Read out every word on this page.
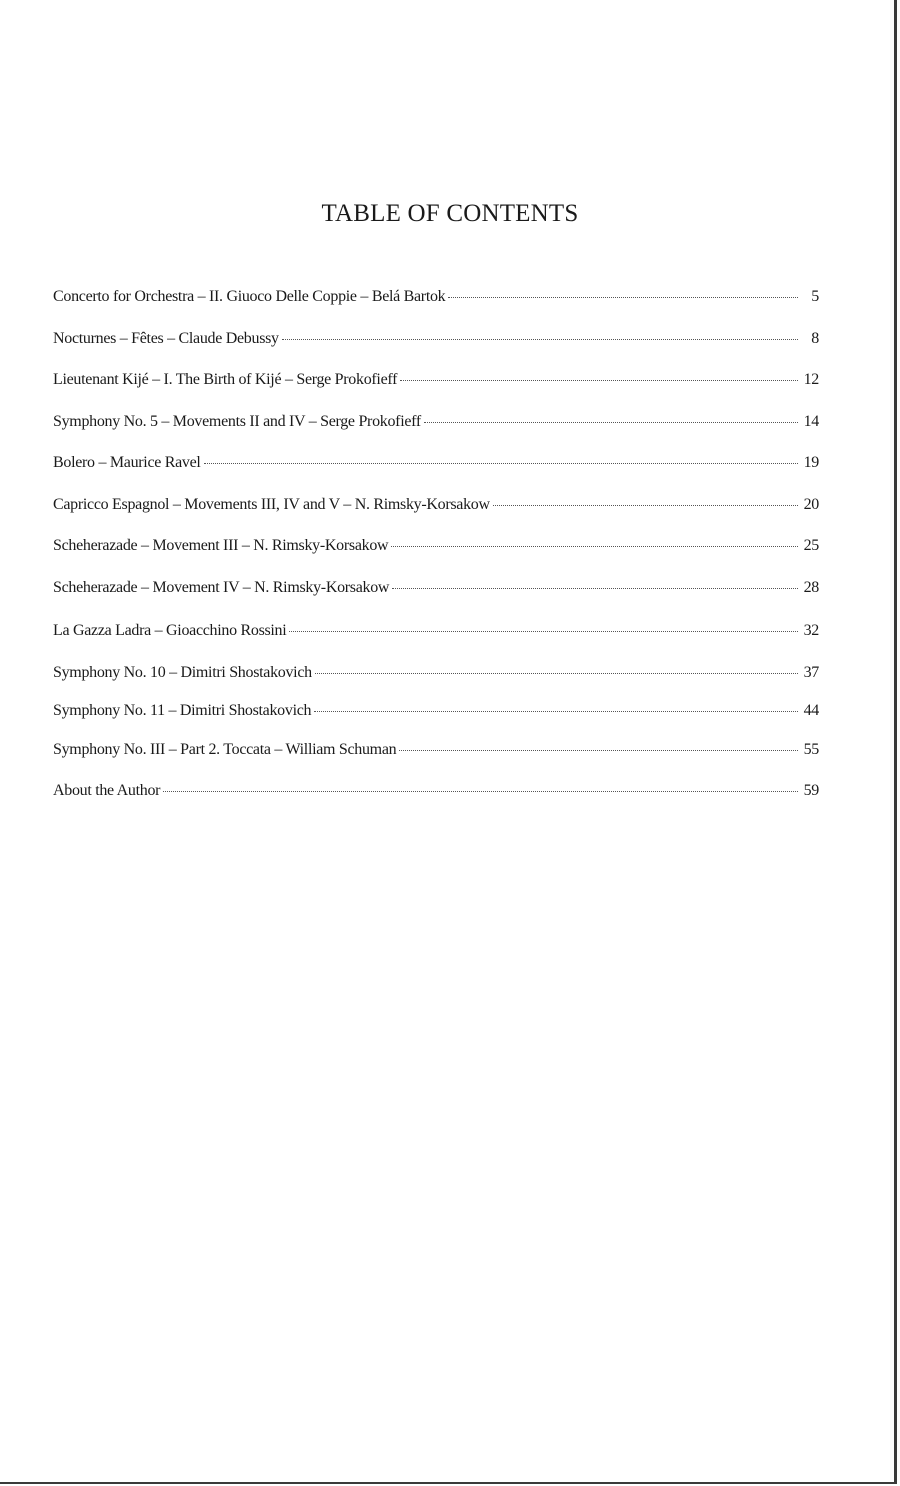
TABLE OF CONTENTS
Concerto for Orchestra – II. Giuoco Delle Coppie – Belá Bartok	5
Nocturnes – Fêtes – Claude Debussy	8
Lieutenant Kijé – I. The Birth of Kijé – Serge Prokofieff	12
Symphony No. 5 – Movements II and IV – Serge Prokofieff	14
Bolero – Maurice Ravel	19
Capricco Espagnol – Movements III, IV and V – N. Rimsky-Korsakow	20
Scheherazade – Movement III – N. Rimsky-Korsakow	25
Scheherazade – Movement IV – N. Rimsky-Korsakow	28
La Gazza Ladra – Gioacchino Rossini	32
Symphony No. 10 – Dimitri Shostakovich	37
Symphony No. 11 – Dimitri Shostakovich	44
Symphony No. III – Part 2. Toccata – William Schuman	55
About the Author	59
